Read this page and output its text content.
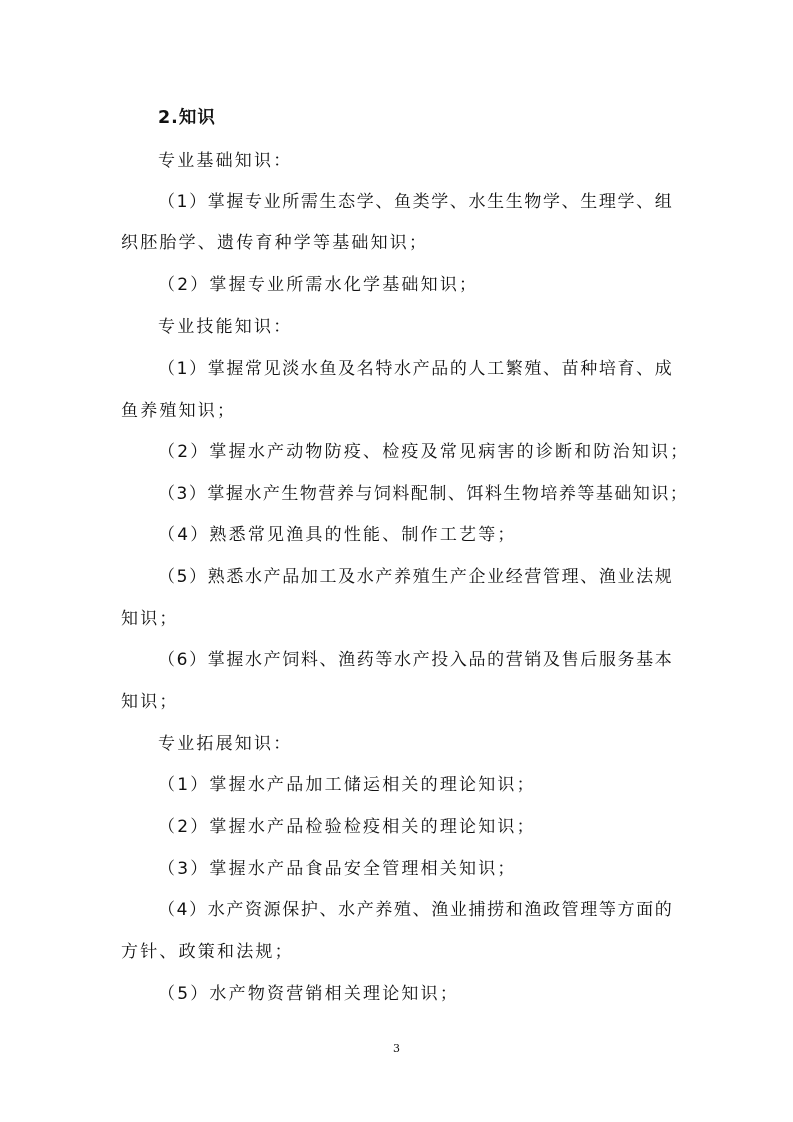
2.知识
专业基础知识：
（1）掌握专业所需生态学、鱼类学、水生生物学、生理学、组
织胚胎学、遗传育种学等基础知识；
（2）掌握专业所需水化学基础知识；
专业技能知识：
（1）掌握常见淡水鱼及名特水产品的人工繁殖、苗种培育、成
鱼养殖知识；
（2）掌握水产动物防疫、检疫及常见病害的诊断和防治知识；
（3）掌握水产生物营养与饲料配制、饵料生物培养等基础知识；
（4）熟悉常见渔具的性能、制作工艺等；
（5）熟悉水产品加工及水产养殖生产企业经营管理、渔业法规
知识；
（6）掌握水产饲料、渔药等水产投入品的营销及售后服务基本
知识；
专业拓展知识：
（1）掌握水产品加工储运相关的理论知识；
（2）掌握水产品检验检疫相关的理论知识；
（3）掌握水产品食品安全管理相关知识；
（4）水产资源保护、水产养殖、渔业捕捞和渔政管理等方面的
方针、政策和法规；
（5）水产物资营销相关理论知识；
3
